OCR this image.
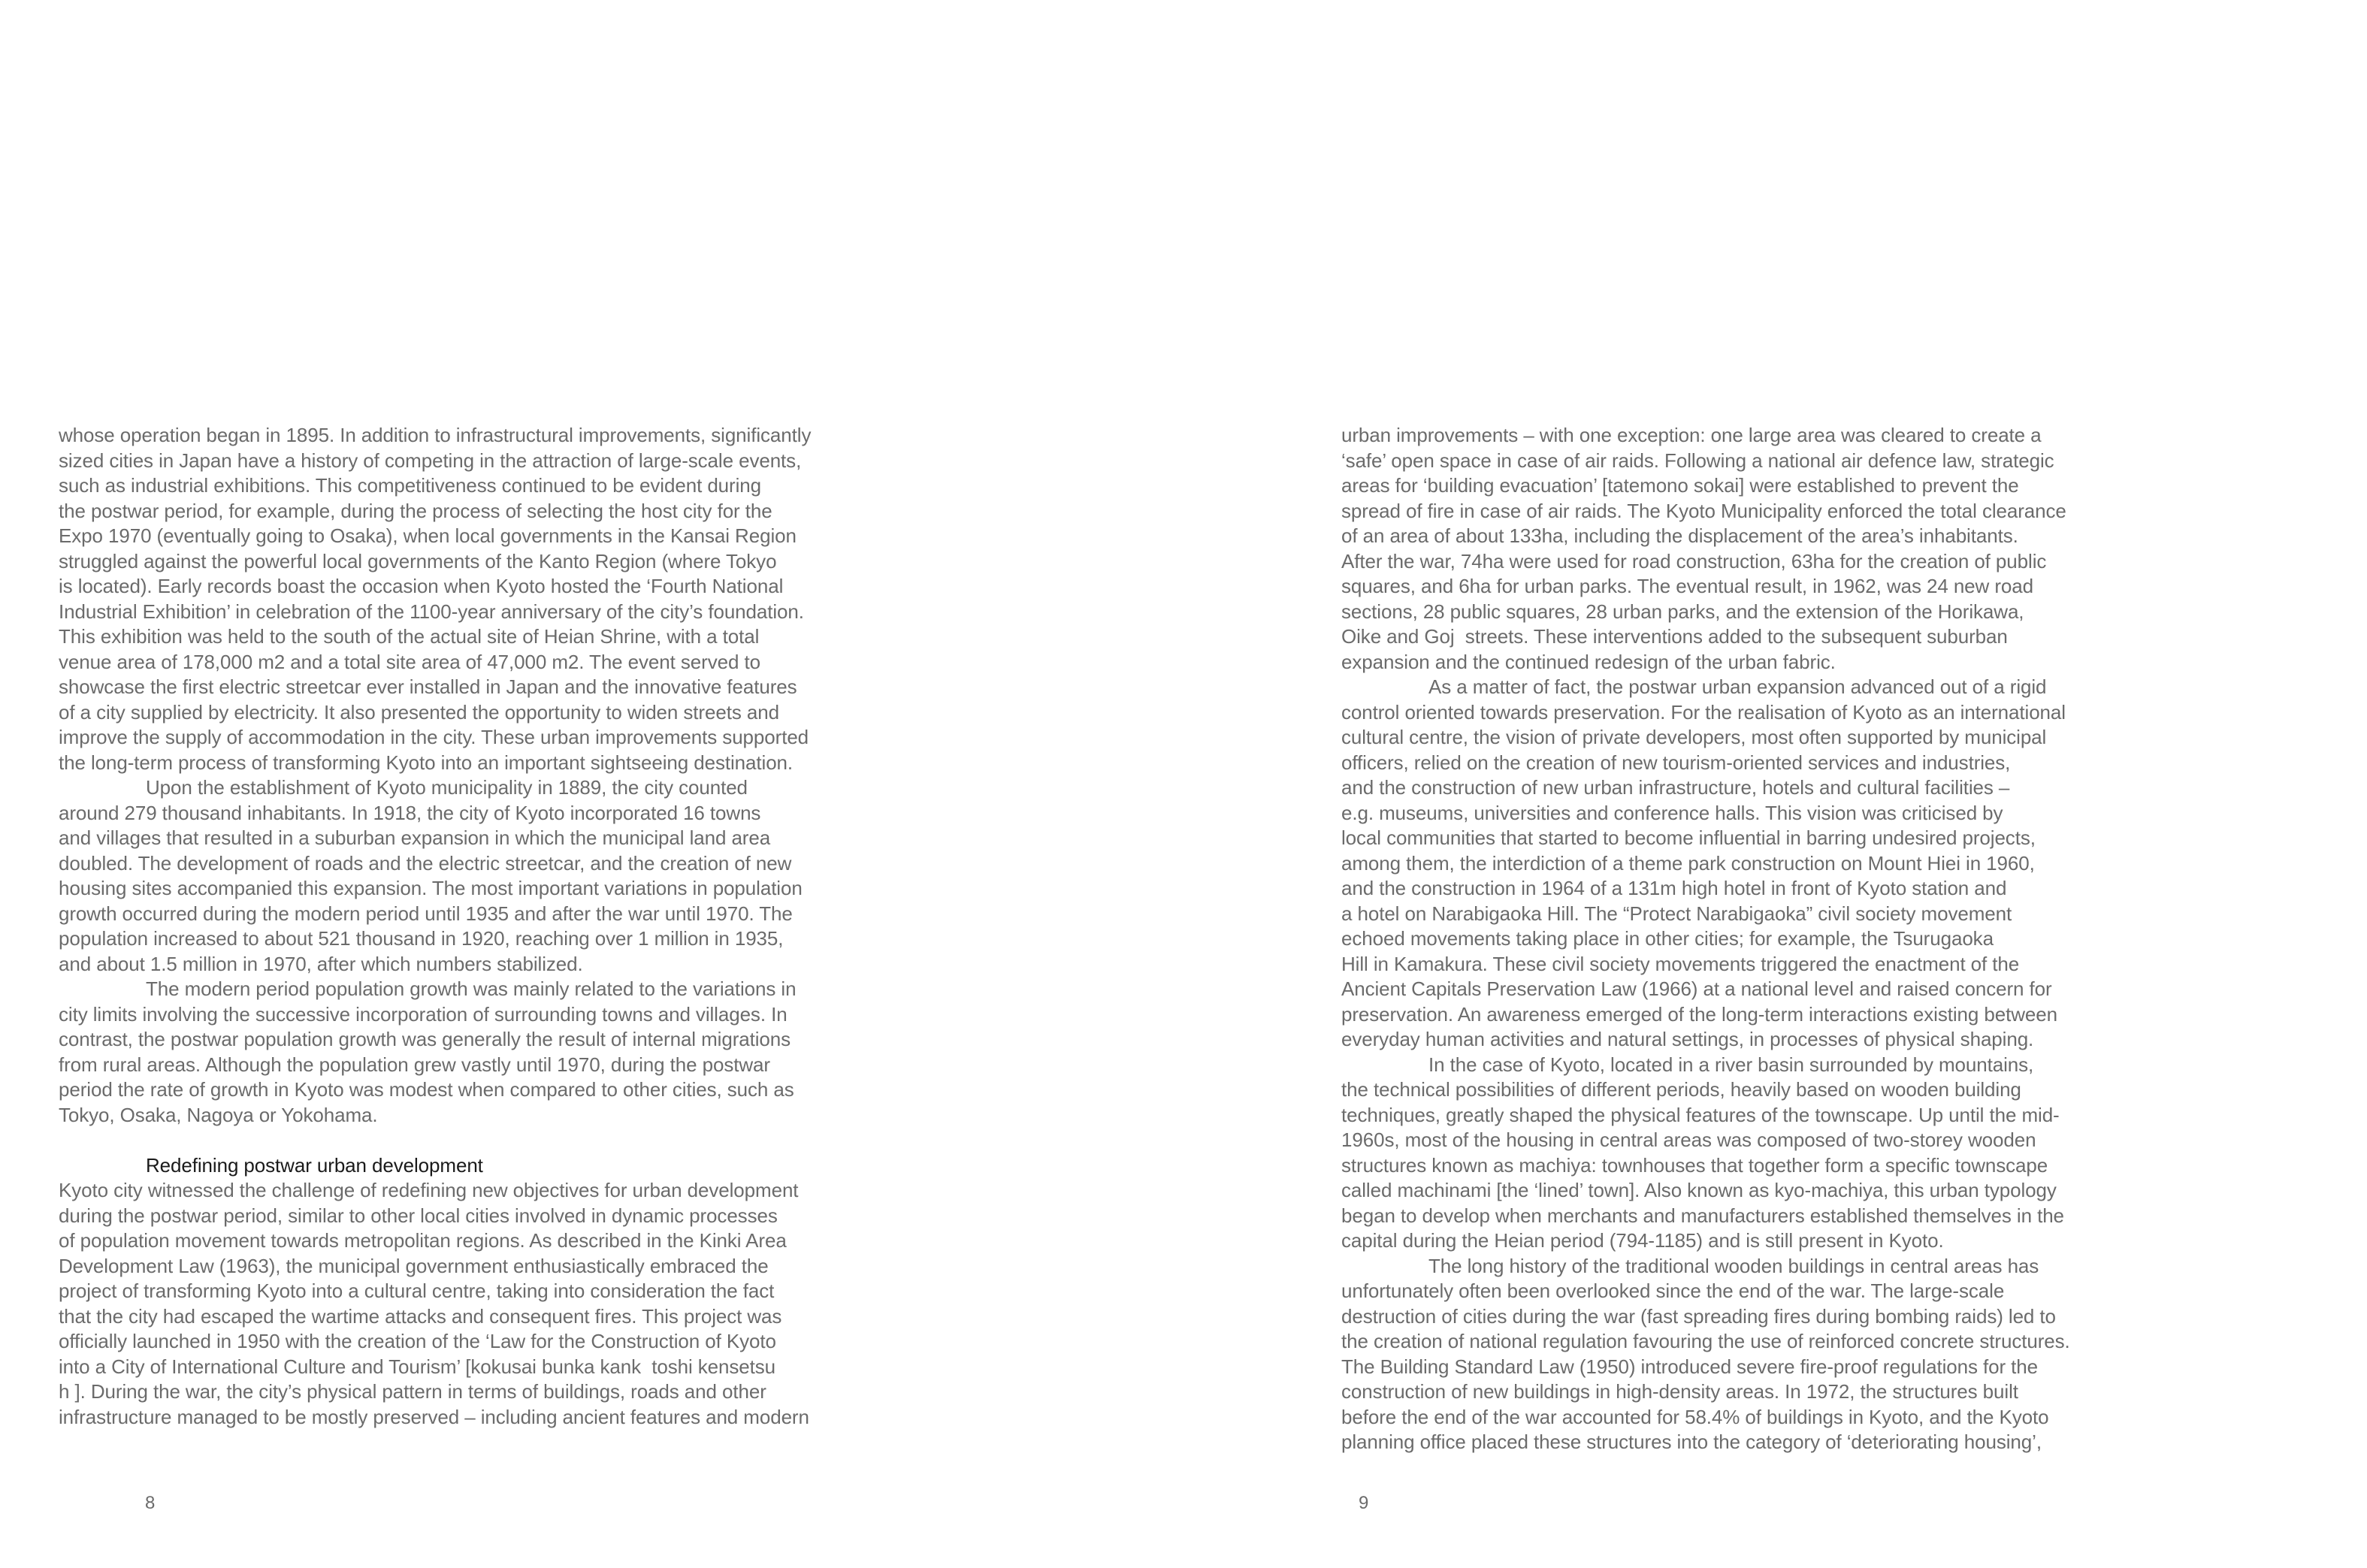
whose operation began in 1895. In addition to infrastructural improvements, significantly
sized cities in Japan have a history of competing in the attraction of large-scale events,
such as industrial exhibitions. This competitiveness continued to be evident during
the postwar period, for example, during the process of selecting the host city for the
Expo 1970 (eventually going to Osaka), when local governments in the Kansai Region
struggled against the powerful local governments of the Kanto Region (where Tokyo
is located). Early records boast the occasion when Kyoto hosted the ‘Fourth National
Industrial Exhibition’ in celebration of the 1100-year anniversary of the city’s foundation.
This exhibition was held to the south of the actual site of Heian Shrine, with a total
venue area of 178,000 m2 and a total site area of 47,000 m2. The event served to
showcase the first electric streetcar ever installed in Japan and the innovative features
of a city supplied by electricity. It also presented the opportunity to widen streets and
improve the supply of accommodation in the city. These urban improvements supported
the long-term process of transforming Kyoto into an important sightseeing destination.
Upon the establishment of Kyoto municipality in 1889, the city counted
around 279 thousand inhabitants. In 1918, the city of Kyoto incorporated 16 towns
and villages that resulted in a suburban expansion in which the municipal land area
doubled. The development of roads and the electric streetcar, and the creation of new
housing sites accompanied this expansion. The most important variations in population
growth occurred during the modern period until 1935 and after the war until 1970. The
population increased to about 521 thousand in 1920, reaching over 1 million in 1935,
and about 1.5 million in 1970, after which numbers stabilized.
The modern period population growth was mainly related to the variations in
city limits involving the successive incorporation of surrounding towns and villages. In
contrast, the postwar population growth was generally the result of internal migrations
from rural areas. Although the population grew vastly until 1970, during the postwar
period the rate of growth in Kyoto was modest when compared to other cities, such as
Tokyo, Osaka, Nagoya or Yokohama.
Redefining postwar urban development
Kyoto city witnessed the challenge of redefining new objectives for urban development
during the postwar period, similar to other local cities involved in dynamic processes
of population movement towards metropolitan regions. As described in the Kinki Area
Development Law (1963), the municipal government enthusiastically embraced the
project of transforming Kyoto into a cultural centre, taking into consideration the fact
that the city had escaped the wartime attacks and consequent fires. This project was
officially launched in 1950 with the creation of the ‘Law for the Construction of Kyoto
into a City of International Culture and Tourism’ [kokusai bunka kank  toshi kensetsu
h ]. During the war, the city’s physical pattern in terms of buildings, roads and other
infrastructure managed to be mostly preserved – including ancient features and modern
8
urban improvements – with one exception: one large area was cleared to create a
‘safe’ open space in case of air raids. Following a national air defence law, strategic
areas for ‘building evacuation’ [tatemono sokai] were established to prevent the
spread of fire in case of air raids. The Kyoto Municipality enforced the total clearance
of an area of about 133ha, including the displacement of the area’s inhabitants.
After the war, 74ha were used for road construction, 63ha for the creation of public
squares, and 6ha for urban parks. The eventual result, in 1962, was 24 new road
sections, 28 public squares, 28 urban parks, and the extension of the Horikawa,
Oike and Goj  streets. These interventions added to the subsequent suburban
expansion and the continued redesign of the urban fabric.
As a matter of fact, the postwar urban expansion advanced out of a rigid
control oriented towards preservation. For the realisation of Kyoto as an international
cultural centre, the vision of private developers, most often supported by municipal
officers, relied on the creation of new tourism-oriented services and industries,
and the construction of new urban infrastructure, hotels and cultural facilities –
e.g. museums, universities and conference halls. This vision was criticised by
local communities that started to become influential in barring undesired projects,
among them, the interdiction of a theme park construction on Mount Hiei in 1960,
and the construction in 1964 of a 131m high hotel in front of Kyoto station and
a hotel on Narabigaoka Hill. The “Protect Narabigaoka” civil society movement
echoed movements taking place in other cities; for example, the Tsurugaoka
Hill in Kamakura. These civil society movements triggered the enactment of the
Ancient Capitals Preservation Law (1966) at a national level and raised concern for
preservation. An awareness emerged of the long-term interactions existing between
everyday human activities and natural settings, in processes of physical shaping.
In the case of Kyoto, located in a river basin surrounded by mountains,
the technical possibilities of different periods, heavily based on wooden building
techniques, greatly shaped the physical features of the townscape. Up until the mid-
1960s, most of the housing in central areas was composed of two-storey wooden
structures known as machiya: townhouses that together form a specific townscape
called machinami [the ‘lined’ town]. Also known as kyo-machiya, this urban typology
began to develop when merchants and manufacturers established themselves in the
capital during the Heian period (794-1185) and is still present in Kyoto.
The long history of the traditional wooden buildings in central areas has
unfortunately often been overlooked since the end of the war. The large-scale
destruction of cities during the war (fast spreading fires during bombing raids) led to
the creation of national regulation favouring the use of reinforced concrete structures.
The Building Standard Law (1950) introduced severe fire-proof regulations for the
construction of new buildings in high-density areas. In 1972, the structures built
before the end of the war accounted for 58.4% of buildings in Kyoto, and the Kyoto
planning office placed these structures into the category of ‘deteriorating housing’,
9
